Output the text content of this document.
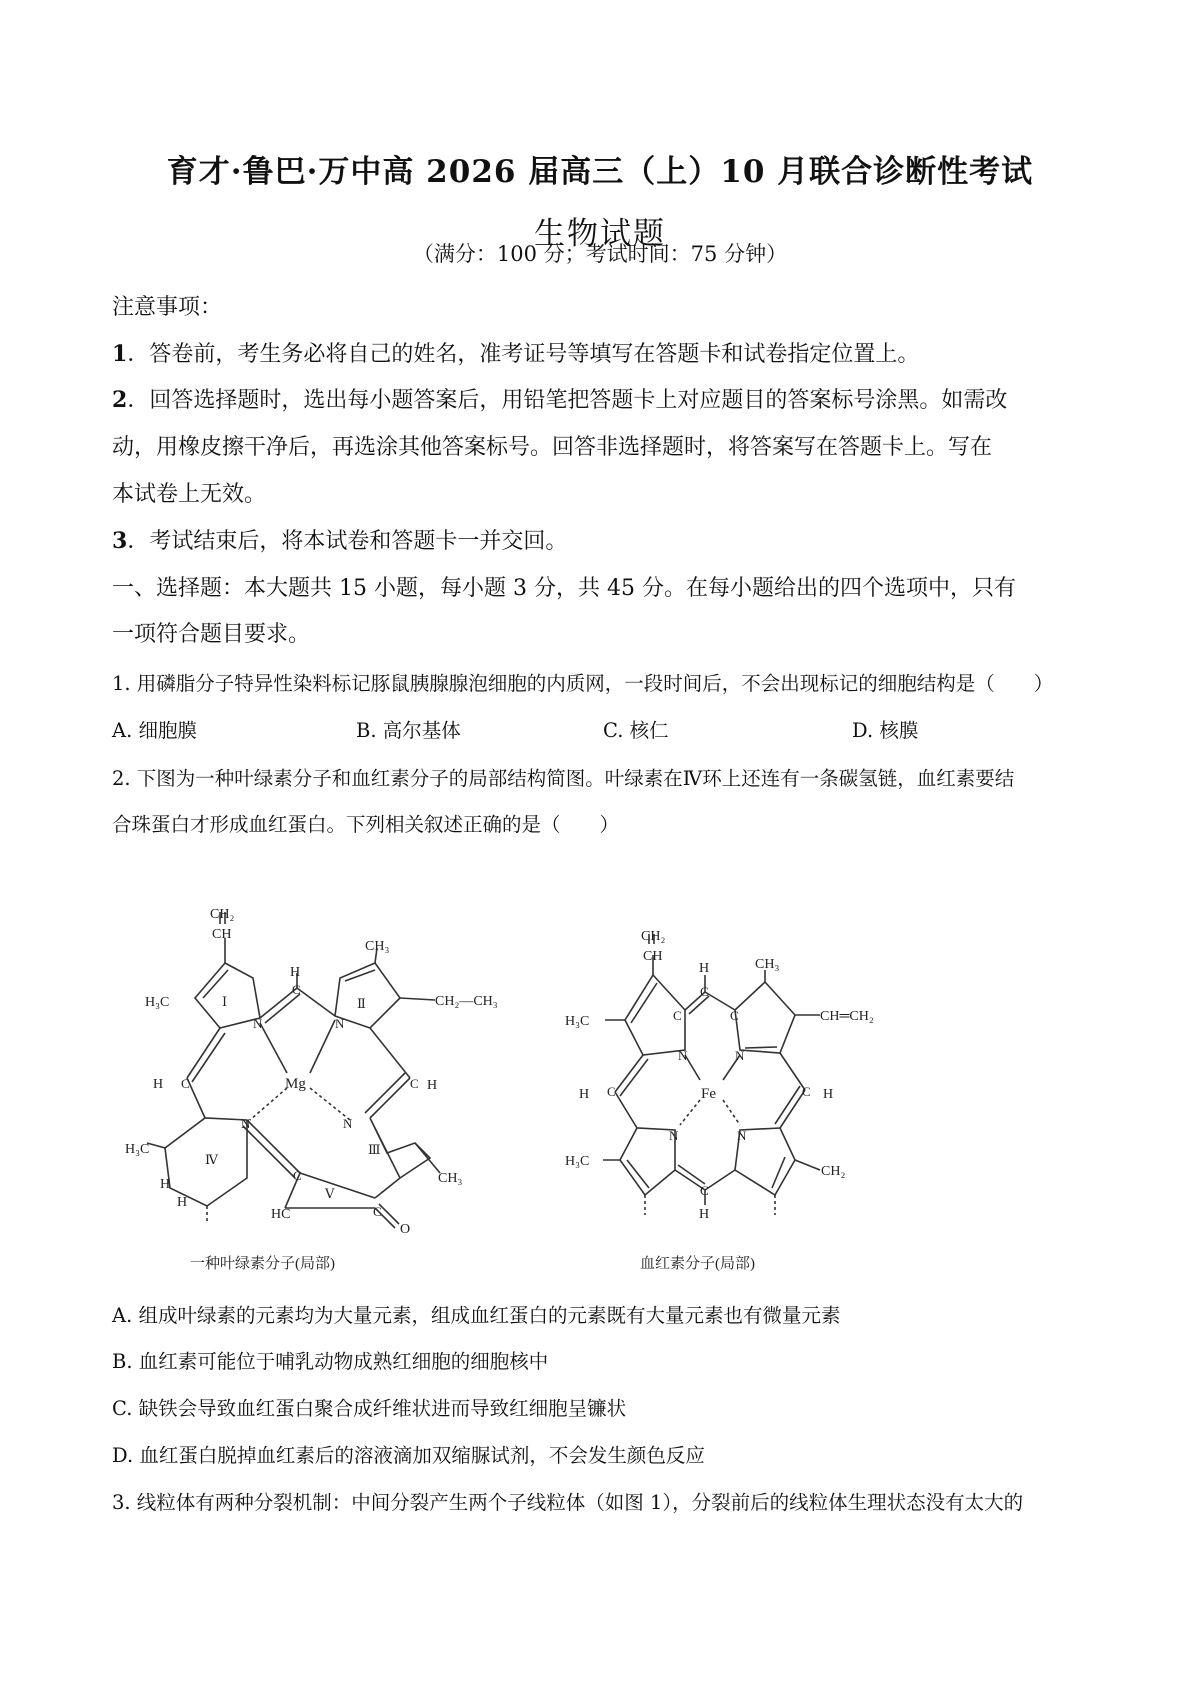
育才·鲁巴·万中高 2026 届高三（上）10 月联合诊断性考试
生物试题
（满分：100 分；考试时间：75 分钟）
注意事项：
1．答卷前，考生务必将自己的姓名，准考证号等填写在答题卡和试卷指定位置上。
2．回答选择题时，选出每小题答案后，用铅笔把答题卡上对应题目的答案标号涂黑。如需改
动，用橡皮擦干净后，再选涂其他答案标号。回答非选择题时，将答案写在答题卡上。写在
本试卷上无效。
3．考试结束后，将本试卷和答题卡一并交回。
一、选择题：本大题共 15 小题，每小题 3 分，共 45 分。在每小题给出的四个选项中，只有
一项符合题目要求。
1. 用磷脂分子特异性染料标记豚鼠胰腺腺泡细胞的内质网，一段时间后，不会出现标记的细胞结构是（　　）
A. 细胞膜	B. 高尔基体	C. 核仁	D. 核膜
2. 下图为一种叶绿素分子和血红素分子的局部结构简图。叶绿素在Ⅳ环上还连有一条碳氢链，血红素要结
合珠蛋白才形成血红蛋白。下列相关叙述正确的是（　　）
CH₂
CH
H₃C	Ⅰ
H
C
CH₃
Ⅱ	CH₂—CH₃
N	N
Mg
H C	C H
N	N
H₃C
Ⅳ
Ⅲ
CH₃
H
H
C
Ⅴ
HC	C
O
一种叶绿素分子(局部)
CH₂
CH
H₃C
H
C
C	C
CH₃
CH═CH₂
N	N
Fe
H C	C H
N	N
H₃C
CH₂
C
H
血红素分子(局部)
A. 组成叶绿素的元素均为大量元素，组成血红蛋白的元素既有大量元素也有微量元素
B. 血红素可能位于哺乳动物成熟红细胞的细胞核中
C. 缺铁会导致血红蛋白聚合成纤维状进而导致红细胞呈镰状
D. 血红蛋白脱掉血红素后的溶液滴加双缩脲试剂，不会发生颜色反应
3. 线粒体有两种分裂机制：中间分裂产生两个子线粒体（如图 1），分裂前后的线粒体生理状态没有太大的
